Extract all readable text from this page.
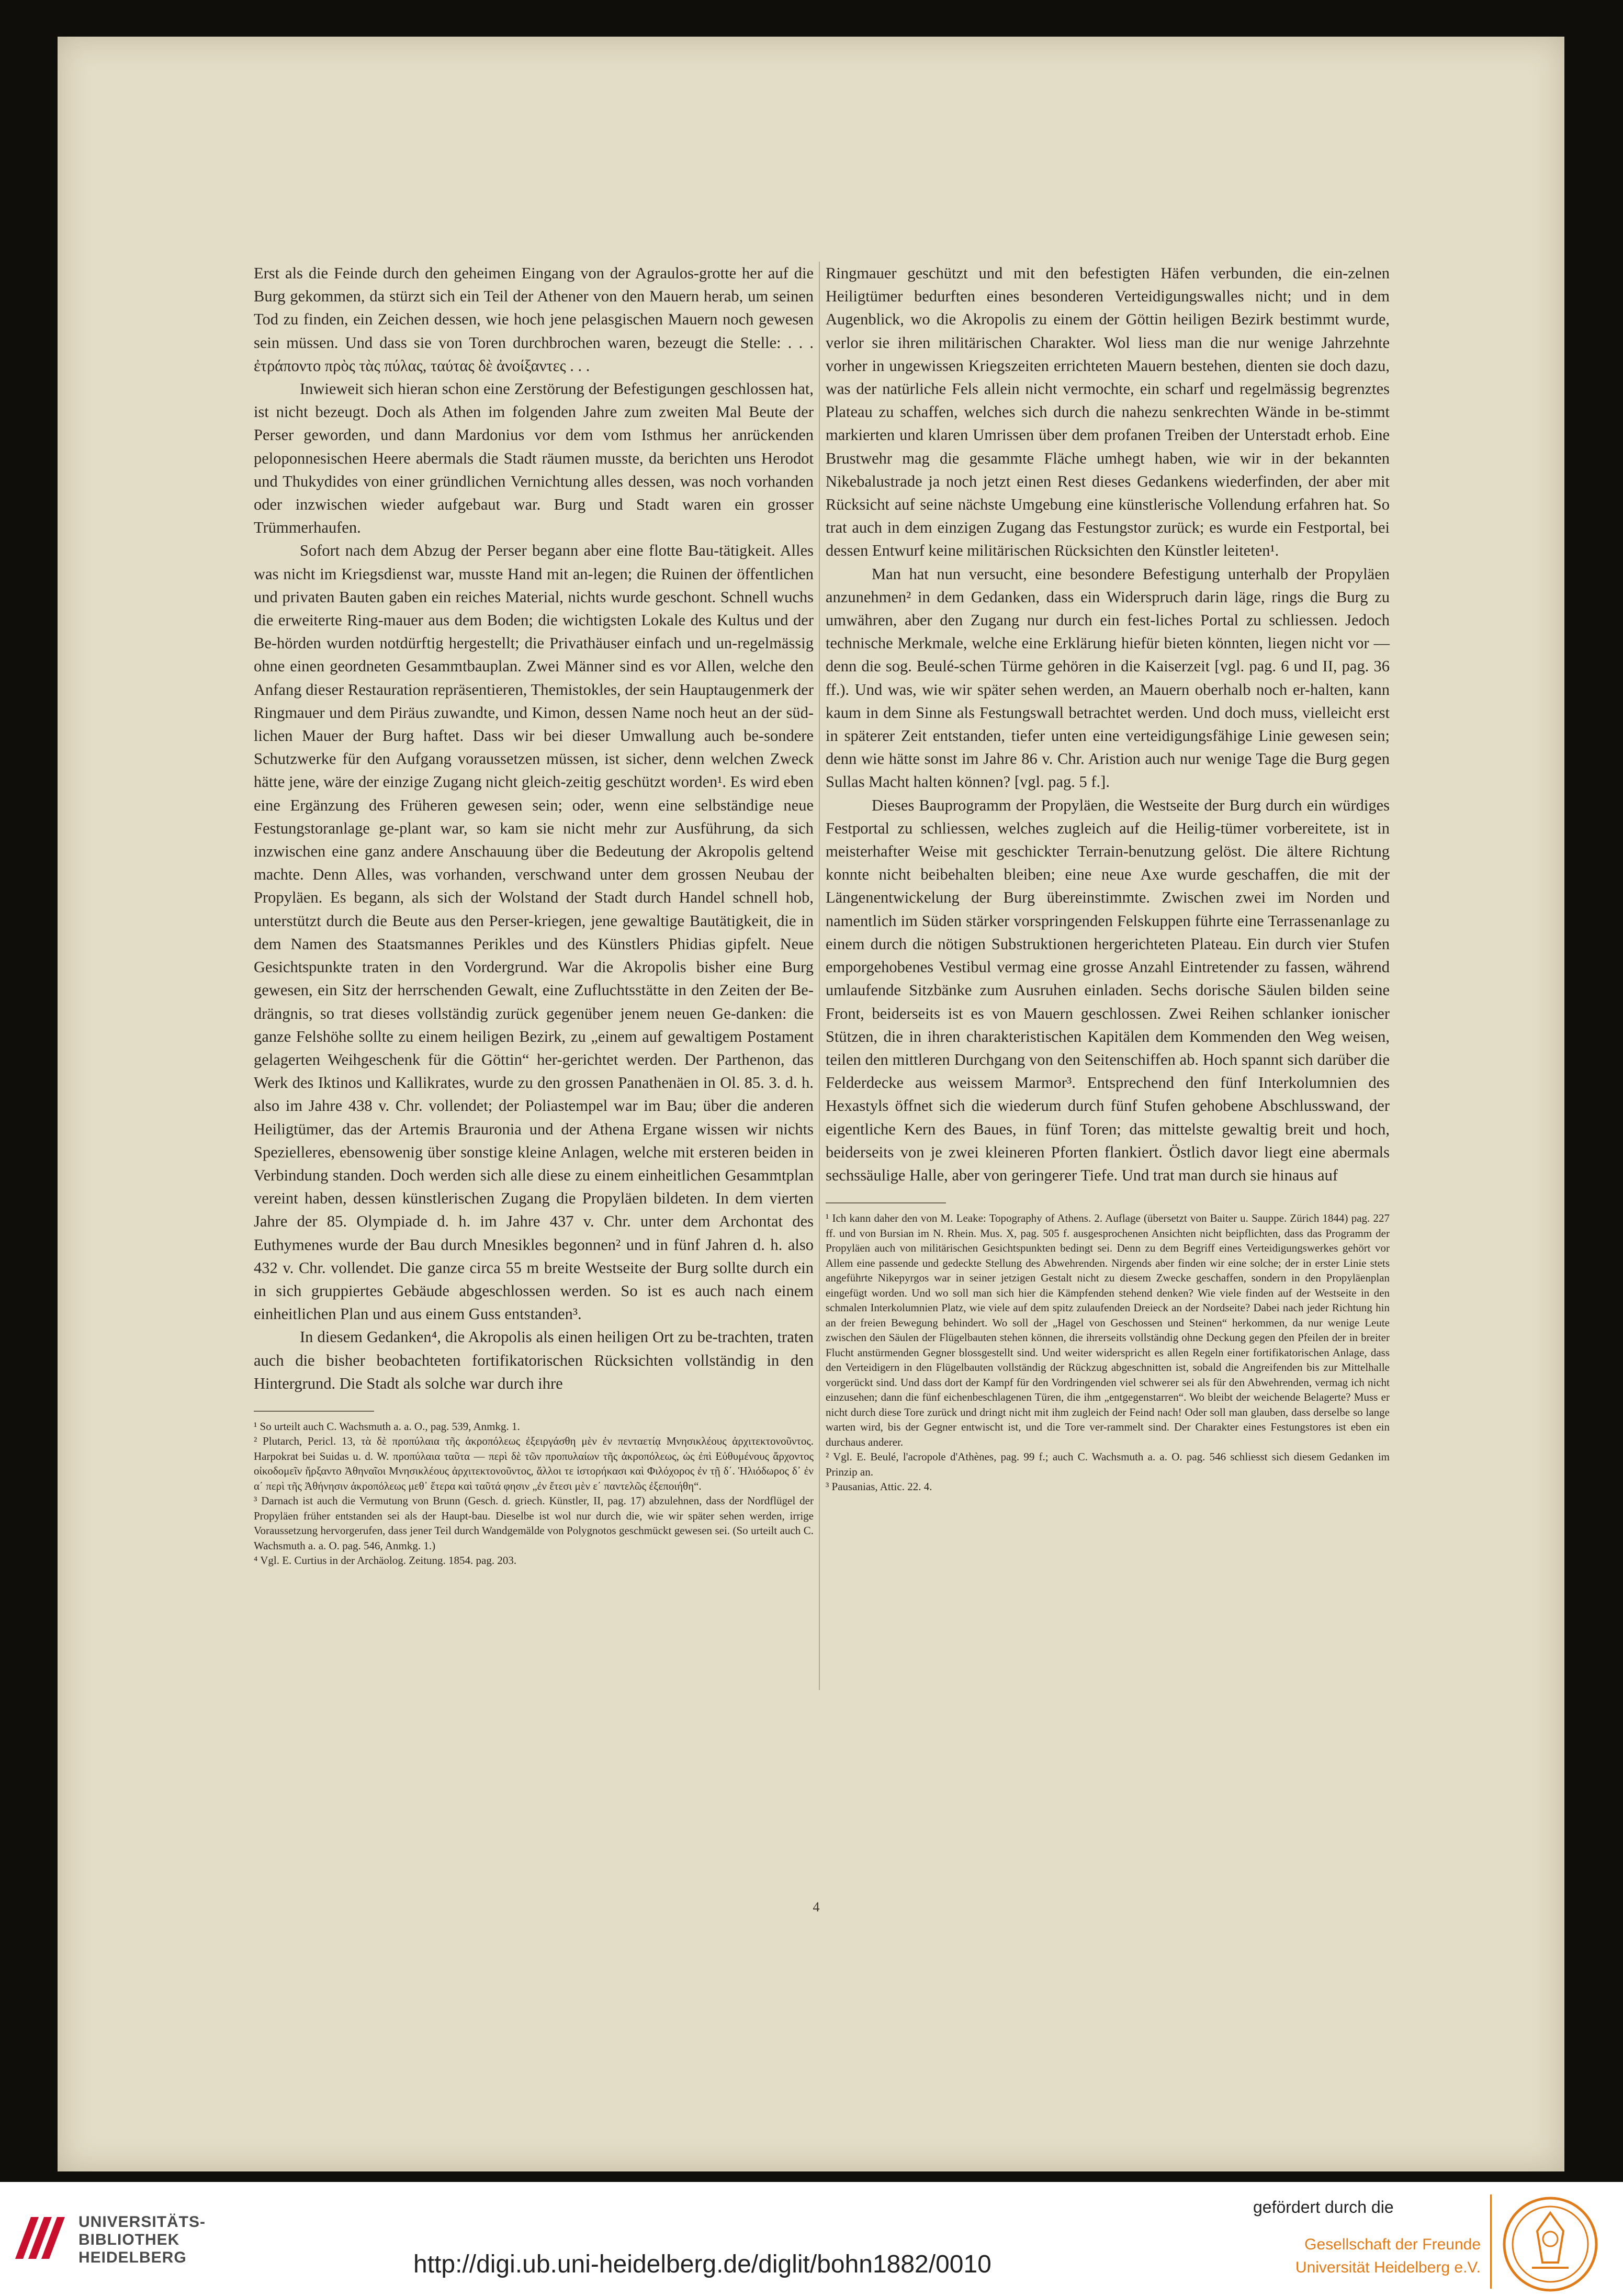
Erst als die Feinde durch den geheimen Eingang von der Agraulos-grotte her auf die Burg gekommen, da stürzt sich ein Teil der Athener von den Mauern herab, um seinen Tod zu finden, ein Zeichen dessen, wie hoch jene pelasgischen Mauern noch gewesen sein müssen. Und dass sie von Toren durchbrochen waren, bezeugt die Stelle: . . . ἐτράποντο πρὸς τὰς πύλας, ταύτας δὲ ἀνοίξαντες . . .

Inwieweit sich hieran schon eine Zerstörung der Befestigungen geschlossen hat, ist nicht bezeugt. Doch als Athen im folgenden Jahre zum zweiten Mal Beute der Perser geworden, und dann Mardonius vor dem vom Isthmus her anrückenden peloponnesischen Heere abermals die Stadt räumen musste, da berichten uns Herodot und Thukydides von einer gründlichen Vernichtung alles dessen, was noch vorhanden oder inzwischen wieder aufgebaut war. Burg und Stadt waren ein grosser Trümmerhaufen.

Sofort nach dem Abzug der Perser begann aber eine flotte Bau-tätigkeit. Alles was nicht im Kriegsdienst war, musste Hand mit an-legen; die Ruinen der öffentlichen und privaten Bauten gaben ein reiches Material, nichts wurde geschont. Schnell wuchs die erweiterte Ring-mauer aus dem Boden; die wichtigsten Lokale des Kultus und der Be-hörden wurden notdürftig hergestellt; die Privathäuser einfach und un-regelmässig ohne einen geordneten Gesammtbauplan. Zwei Männer sind es vor Allen, welche den Anfang dieser Restauration repräsentieren, Themistokles, der sein Hauptaugenmerk der Ringmauer und dem Piräus zuwandte, und Kimon, dessen Name noch heut an der süd-lichen Mauer der Burg haftet. Dass wir bei dieser Umwallung auch be-sondere Schutzwerke für den Aufgang voraussetzen müssen, ist sicher, denn welchen Zweck hätte jene, wäre der einzige Zugang nicht gleich-zeitig geschützt worden¹. Es wird eben eine Ergänzung des Früheren gewesen sein; oder, wenn eine selbständige neue Festungstoranlage ge-plant war, so kam sie nicht mehr zur Ausführung, da sich inzwischen eine ganz andere Anschauung über die Bedeutung der Akropolis geltend machte. Denn Alles, was vorhanden, verschwand unter dem grossen Neubau der Propyläen. Es begann, als sich der Wolstand der Stadt durch Handel schnell hob, unterstützt durch die Beute aus den Perser-kriegen, jene gewaltige Bautätigkeit, die in dem Namen des Staatsmannes Perikles und des Künstlers Phidias gipfelt. Neue Gesichtspunkte traten in den Vordergrund. War die Akropolis bisher eine Burg gewesen, ein Sitz der herrschenden Gewalt, eine Zufluchtsstätte in den Zeiten der Be-drängnis, so trat dieses vollständig zurück gegenüber jenem neuen Ge-danken: die ganze Felshöhe sollte zu einem heiligen Bezirk, zu „einem auf gewaltigem Postament gelagerten Weihgeschenk für die Göttin“ her-gerichtet werden. Der Parthenon, das Werk des Iktinos und Kallikrates, wurde zu den grossen Panathenäen in Ol. 85. 3. d. h. also im Jahre 438 v. Chr. vollendet; der Poliastempel war im Bau; über die anderen Heiligtümer, das der Artemis Brauronia und der Athena Ergane wissen wir nichts Spezielleres, ebensowenig über sonstige kleine Anlagen, welche mit ersteren beiden in Verbindung standen. Doch werden sich alle diese zu einem einheitlichen Gesammtplan vereint haben, dessen künstlerischen Zugang die Propyläen bildeten. In dem vierten Jahre der 85. Olympiade d. h. im Jahre 437 v. Chr. unter dem Archontat des Euthymenes wurde der Bau durch Mnesikles begonnen² und in fünf Jahren d. h. also 432 v. Chr. vollendet. Die ganze circa 55 m breite Westseite der Burg sollte durch ein in sich gruppiertes Gebäude abgeschlossen werden. So ist es auch nach einem einheitlichen Plan und aus einem Guss entstanden³.

In diesem Gedanken⁴, die Akropolis als einen heiligen Ort zu be-trachten, traten auch die bisher beobachteten fortifikatorischen Rücksichten vollständig in den Hintergrund. Die Stadt als solche war durch ihre

¹ So urteilt auch C. Wachsmuth a. a. O., pag. 539, Anmkg. 1.

² Plutarch, Pericl. 13, τὰ δὲ προπύλαια τῆς ἀκροπόλεως ἐξειργάσθη μὲν ἐν πενταετίᾳ Μνησικλέους ἀρχιτεκτονοῦντος. Harpokrat bei Suidas u. d. W. προπύλαια ταῦτα — περὶ δὲ τῶν προπυλαίων τῆς ἀκροπόλεως, ὡς ἐπὶ Εὐθυμένους ἄρχοντος οἰκοδομεῖν ἤρξαντο Ἀθηναῖοι Μνησικλέους ἀρχιτεκτονοῦντος, ἄλλοι τε ἱστορήκασι καὶ Φιλόχορος ἐν τῇ δ΄. Ἡλιόδωρος δ᾽ ἐν α΄ περὶ τῆς Ἀθήνησιν ἀκροπόλεως μεθ᾽ ἕτερα καὶ ταῦτά φησιν „ἐν ἔτεσι μὲν ε΄ παντελῶς ἐξεποιήθη“.

³ Darnach ist auch die Vermutung von Brunn (Gesch. d. griech. Künstler, II, pag. 17) abzulehnen, dass der Nordflügel der Propyläen früher entstanden sei als der Haupt-bau. Dieselbe ist wol nur durch die, wie wir später sehen werden, irrige Voraussetzung hervorgerufen, dass jener Teil durch Wandgemälde von Polygnotos geschmückt gewesen sei. (So urteilt auch C. Wachsmuth a. a. O. pag. 546, Anmkg. 1.)

⁴ Vgl. E. Curtius in der Archäolog. Zeitung. 1854. pag. 203.

Ringmauer geschützt und mit den befestigten Häfen verbunden, die ein-zelnen Heiligtümer bedurften eines besonderen Verteidigungswalles nicht; und in dem Augenblick, wo die Akropolis zu einem der Göttin heiligen Bezirk bestimmt wurde, verlor sie ihren militärischen Charakter. Wol liess man die nur wenige Jahrzehnte vorher in ungewissen Kriegszeiten errichteten Mauern bestehen, dienten sie doch dazu, was der natürliche Fels allein nicht vermochte, ein scharf und regelmässig begrenztes Plateau zu schaffen, welches sich durch die nahezu senkrechten Wände in be-stimmt markierten und klaren Umrissen über dem profanen Treiben der Unterstadt erhob. Eine Brustwehr mag die gesammte Fläche umhegt haben, wie wir in der bekannten Nikebalustrade ja noch jetzt einen Rest dieses Gedankens wiederfinden, der aber mit Rücksicht auf seine nächste Umgebung eine künstlerische Vollendung erfahren hat. So trat auch in dem einzigen Zugang das Festungstor zurück; es wurde ein Festportal, bei dessen Entwurf keine militärischen Rücksichten den Künstler leiteten¹.

Man hat nun versucht, eine besondere Befestigung unterhalb der Propyläen anzunehmen² in dem Gedanken, dass ein Widerspruch darin läge, rings die Burg zu umwähren, aber den Zugang nur durch ein fest-liches Portal zu schliessen. Jedoch technische Merkmale, welche eine Erklärung hiefür bieten könnten, liegen nicht vor — denn die sog. Beulé-schen Türme gehören in die Kaiserzeit [vgl. pag. 6 und II, pag. 36 ff.). Und was, wie wir später sehen werden, an Mauern oberhalb noch er-halten, kann kaum in dem Sinne als Festungswall betrachtet werden. Und doch muss, vielleicht erst in späterer Zeit entstanden, tiefer unten eine verteidigungsfähige Linie gewesen sein; denn wie hätte sonst im Jahre 86 v. Chr. Aristion auch nur wenige Tage die Burg gegen Sullas Macht halten können? [vgl. pag. 5 f.].

Dieses Bauprogramm der Propyläen, die Westseite der Burg durch ein würdiges Festportal zu schliessen, welches zugleich auf die Heilig-tümer vorbereitete, ist in meisterhafter Weise mit geschickter Terrain-benutzung gelöst. Die ältere Richtung konnte nicht beibehalten bleiben; eine neue Axe wurde geschaffen, die mit der Längenentwickelung der Burg übereinstimmte. Zwischen zwei im Norden und namentlich im Süden stärker vorspringenden Felskuppen führte eine Terrassenanlage zu einem durch die nötigen Substruktionen hergerichteten Plateau. Ein durch vier Stufen emporgehobenes Vestibul vermag eine grosse Anzahl Eintretender zu fassen, während umlaufende Sitzbänke zum Ausruhen einladen. Sechs dorische Säulen bilden seine Front, beiderseits ist es von Mauern geschlossen. Zwei Reihen schlanker ionischer Stützen, die in ihren charakteristischen Kapitälen dem Kommenden den Weg weisen, teilen den mittleren Durchgang von den Seitenschiffen ab. Hoch spannt sich darüber die Felderdecke aus weissem Marmor³. Entsprechend den fünf Interkolumnien des Hexastyls öffnet sich die wiederum durch fünf Stufen gehobene Abschlusswand, der eigentliche Kern des Baues, in fünf Toren; das mittelste gewaltig breit und hoch, beiderseits von je zwei kleineren Pforten flankiert. Östlich davor liegt eine abermals sechssäulige Halle, aber von geringerer Tiefe. Und trat man durch sie hinaus auf

¹ Ich kann daher den von M. Leake: Topography of Athens. 2. Auflage (übersetzt von Baiter u. Sauppe. Zürich 1844) pag. 227 ff. und von Bursian im N. Rhein. Mus. X, pag. 505 f. ausgesprochenen Ansichten nicht beipflichten, dass das Programm der Propyläen auch von militärischen Gesichtspunkten bedingt sei. Denn zu dem Begriff eines Verteidigungswerkes gehört vor Allem eine passende und gedeckte Stellung des Abwehrenden. Nirgends aber finden wir eine solche; der in erster Linie stets angeführte Nikepyrgos war in seiner jetzigen Gestalt nicht zu diesem Zwecke geschaffen, sondern in den Propyläenplan eingefügt worden. Und wo soll man sich hier die Kämpfenden stehend denken? Wie viele finden auf der Westseite in den schmalen Interkolumnien Platz, wie viele auf dem spitz zulaufenden Dreieck an der Nordseite? Dabei nach jeder Richtung hin an der freien Bewegung behindert. Wo soll der „Hagel von Geschossen und Steinen“ herkommen, da nur wenige Leute zwischen den Säulen der Flügelbauten stehen können, die ihrerseits vollständig ohne Deckung gegen den Pfeilen der in breiter Flucht anstürmenden Gegner blossgestellt sind. Und weiter widerspricht es allen Regeln einer fortifikatorischen Anlage, dass den Verteidigern in den Flügelbauten vollständig der Rückzug abgeschnitten ist, sobald die Angreifenden bis zur Mittelhalle vorgerückt sind. Und dass dort der Kampf für den Vordringenden viel schwerer sei als für den Abwehrenden, vermag ich nicht einzusehen; dann die fünf eichenbeschlagenen Türen, die ihm „entgegenstarren“. Wo bleibt der weichende Belagerte? Muss er nicht durch diese Tore zurück und dringt nicht mit ihm zugleich der Feind nach! Oder soll man glauben, dass derselbe so lange warten wird, bis der Gegner entwischt ist, und die Tore ver-rammelt sind. Der Charakter eines Festungstores ist eben ein durchaus anderer.

² Vgl. E. Beulé, l'acropole d'Athènes, pag. 99 f.; auch C. Wachsmuth a. a. O. pag. 546 schliesst sich diesem Gedanken im Prinzip an.

³ Pausanias, Attic. 22. 4.

4
UNIVERSITÄTS-
BIBLIOTHEK
HEIDELBERG	http://digi.ub.uni-heidelberg.de/diglit/bohn1882/0010
gefördert durch die
Gesellschaft der Freunde
Universität Heidelberg e.V.
